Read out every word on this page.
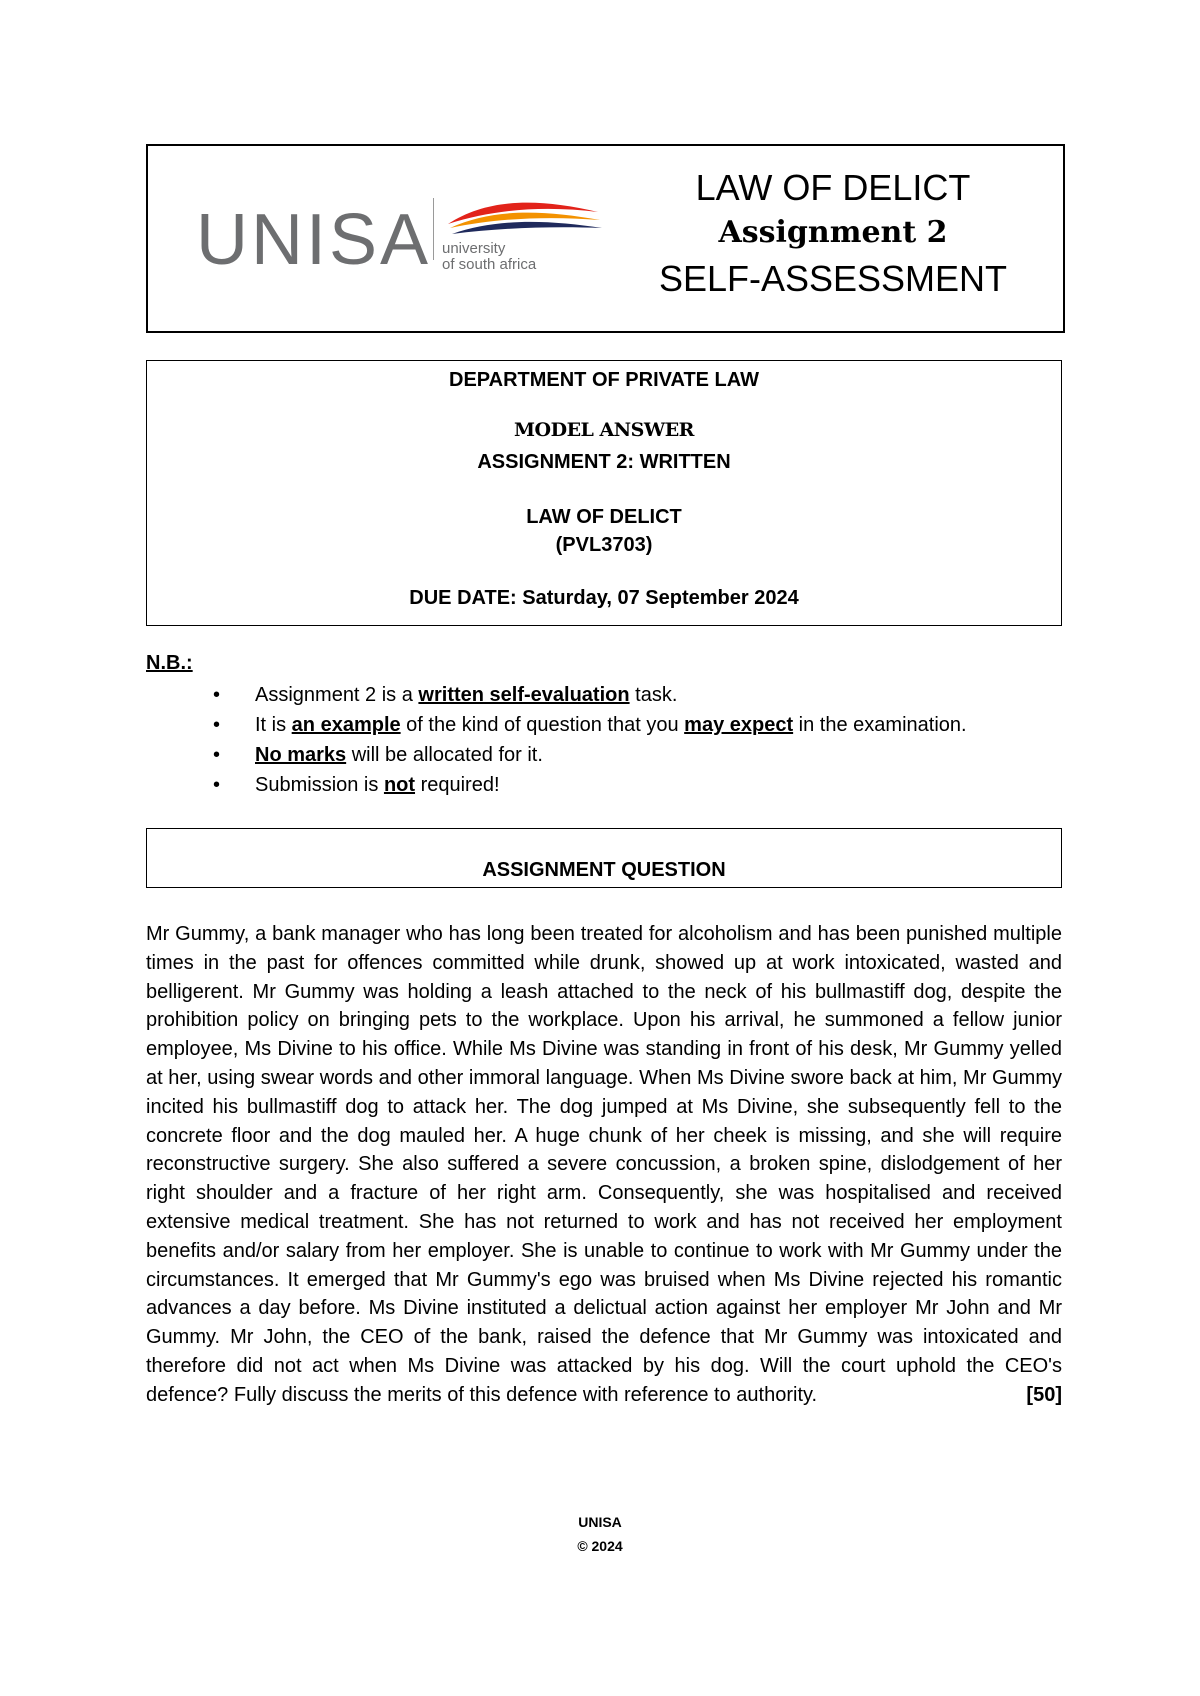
UNISA university
of south africa
LAW OF DELICT
Assignment 2
SELF-ASSESSMENT
DEPARTMENT OF PRIVATE LAW
MODEL ANSWER
ASSIGNMENT 2: WRITTEN
LAW OF DELICT
(PVL3703)
DUE DATE: Saturday, 07 September 2024
N.B.:
• Assignment 2 is a written self-evaluation task.
• It is an example of the kind of question that you may expect in the examination.
• No marks will be allocated for it.
• Submission is not required!
ASSIGNMENT QUESTION
Mr Gummy, a bank manager who has long been treated for alcoholism and has been punished multiple times in the past for offences committed while drunk, showed up at work intoxicated, wasted and belligerent. Mr Gummy was holding a leash attached to the neck of his bullmastiff dog, despite the prohibition policy on bringing pets to the workplace. Upon his arrival, he summoned a fellow junior employee, Ms Divine to his office. While Ms Divine was standing in front of his desk, Mr Gummy yelled at her, using swear words and other immoral language. When Ms Divine swore back at him, Mr Gummy incited his bullmastiff dog to attack her. The dog jumped at Ms Divine, she subsequently fell to the concrete floor and the dog mauled her. A huge chunk of her cheek is missing, and she will require reconstructive surgery. She also suffered a severe concussion, a broken spine, dislodgement of her right shoulder and a fracture of her right arm. Consequently, she was hospitalised and received extensive medical treatment. She has not returned to work and has not received her employment benefits and/or salary from her employer. She is unable to continue to work with Mr Gummy under the circumstances. It emerged that Mr Gummy's ego was bruised when Ms Divine rejected his romantic advances a day before. Ms Divine instituted a delictual action against her employer Mr John and Mr Gummy. Mr John, the CEO of the bank, raised the defence that Mr Gummy was intoxicated and therefore did not act when Ms Divine was attacked by his dog. Will the court uphold the CEO's defence? Fully discuss the merits of this defence with reference to authority.	[50]
UNISA
© 2024
